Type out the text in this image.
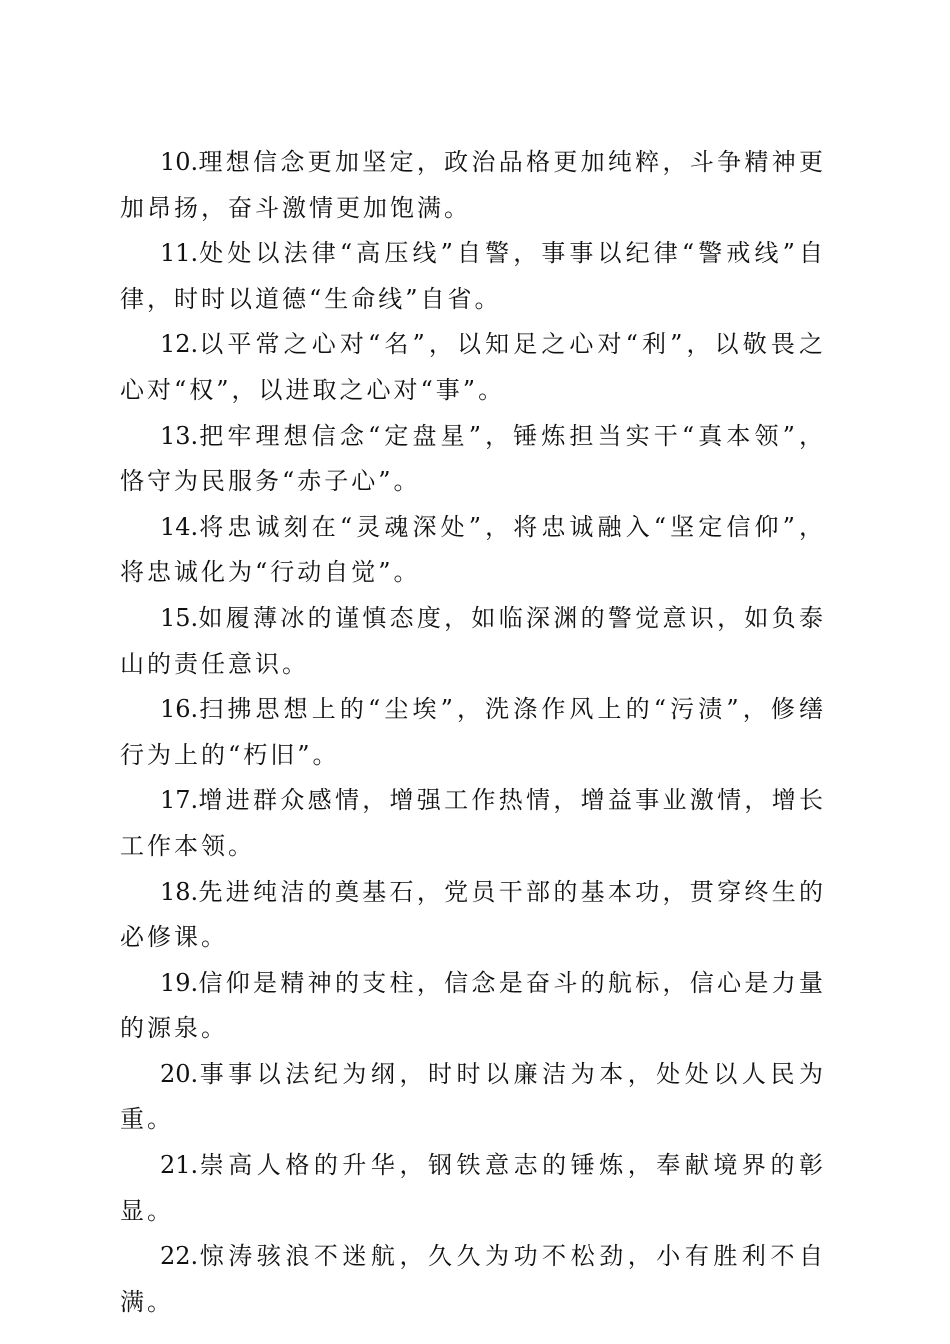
10.理想信念更加坚定，政治品格更加纯粹，斗争精神更加昂扬，奋斗激情更加饱满。

11.处处以法律“高压线”自警，事事以纪律“警戒线”自律，时时以道德“生命线”自省。

12.以平常之心对“名”，以知足之心对“利”，以敬畏之心对“权”，以进取之心对“事”。

13.把牢理想信念“定盘星”，锤炼担当实干“真本领”，恪守为民服务“赤子心”。

14.将忠诚刻在“灵魂深处”，将忠诚融入“坚定信仰”，将忠诚化为“行动自觉”。

15.如履薄冰的谨慎态度，如临深渊的警觉意识，如负泰山的责任意识。

16.扫拂思想上的“尘埃”，洗涤作风上的“污渍”，修缮行为上的“朽旧”。

17.增进群众感情，增强工作热情，增益事业激情，增长工作本领。

18.先进纯洁的奠基石，党员干部的基本功，贯穿终生的必修课。

19.信仰是精神的支柱，信念是奋斗的航标，信心是力量的源泉。

20.事事以法纪为纲，时时以廉洁为本，处处以人民为重。

21.崇高人格的升华，钢铁意志的锤炼，奉献境界的彰显。

22.惊涛骇浪不迷航，久久为功不松劲，小有胜利不自满。
